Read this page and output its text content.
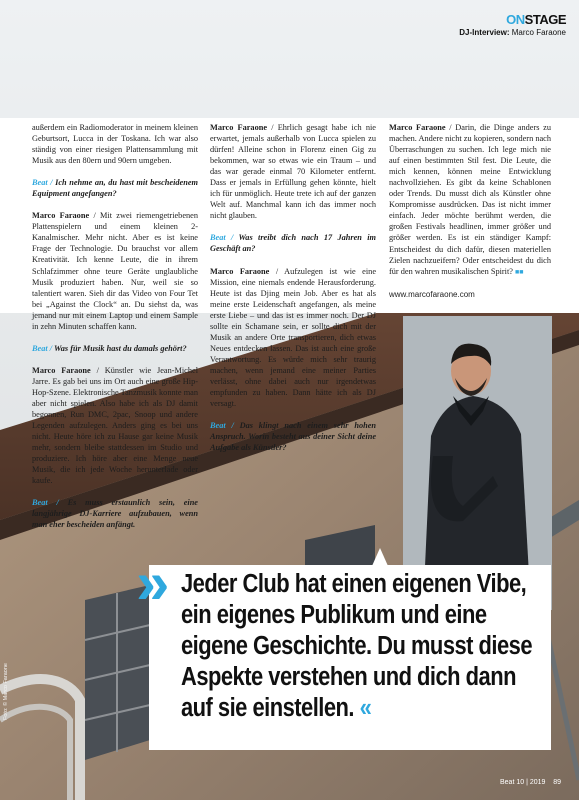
ONSTAGE
DJ-Interview: Marco Faraone

außerdem ein Radiomoderator in meinem kleinen Geburtsort, Lucca in der Toskana. Ich war also ständig von einer riesigen Plattensammlung mit Musik aus den 80ern und 90ern umgeben.

Beat / Ich nehme an, du hast mit bescheidenem Equipment angefangen?

Marco Faraone / Mit zwei riemengetriebenen Plattenspielern und einem kleinen 2-Kanalmischer. Mehr nicht. Aber es ist keine Frage der Technologie. Du brauchst vor allem Kreativität. Ich kenne Leute, die in ihrem Schlafzimmer ohne teure Geräte unglaubliche Musik produziert haben. Nur, weil sie so talentiert waren. Sieh dir das Video von Four Tet bei „Against the Clock“ an. Du siehst da, was jemand nur mit einem Laptop und einem Sample in zehn Minuten schaffen kann.

Beat / Was für Musik hast du damals gehört?

Marco Faraone / Künstler wie Jean-Michel Jarre. Es gab bei uns im Ort auch eine große Hip-Hop-Szene. Elektronische Tanzmusik konnte man aber nicht spielen. Also habe ich als DJ damit begonnen, Run DMC, 2pac, Snoop und andere Legenden aufzulegen. Anders ging es bei uns nicht. Heute höre ich zu Hause gar keine Musik mehr, sondern bleibe stattdessen im Studio und produziere. Ich höre aber eine Menge neue Musik, die ich jede Woche herunterlade oder kaufe.

Beat / Es muss erstaunlich sein, eine langjährige DJ-Karriere aufzubauen, wenn man eher bescheiden anfängt.

Marco Faraone / Ehrlich gesagt habe ich nie erwartet, jemals außerhalb von Lucca spielen zu dürfen! Alleine schon in Florenz einen Gig zu bekommen, war so etwas wie ein Traum – und das war gerade einmal 70 Kilometer entfernt. Dass er jemals in Erfüllung gehen könnte, hielt ich für unmöglich. Heute trete ich auf der ganzen Welt auf. Manchmal kann ich das immer noch nicht glauben.

Beat / Was treibt dich nach 17 Jahren im Geschäft an?

Marco Faraone / Aufzulegen ist wie eine Mission, eine niemals endende Herausforderung. Heute ist das Djing mein Job. Aber es hat als meine erste Leidenschaft angefangen, als meine erste Liebe – und das ist es immer noch. Der DJ sollte ein Schamane sein, er sollte dich mit der Musik an andere Orte transportieren, dich etwas Neues entdecken lassen. Das ist auch eine große Verantwortung. Es würde mich sehr traurig machen, wenn jemand eine meiner Parties verlässt, ohne dabei auch nur irgendetwas empfunden zu haben. Dann hätte ich als DJ versagt.

Beat / Das klingt nach einem sehr hohen Anspruch. Worin besteht aus deiner Sicht deine Aufgabe als Künstler?

Marco Faraone / Darin, die Dinge anders zu machen. Andere nicht zu kopieren, sondern nach Überraschungen zu suchen. Ich lege mich nie auf einen bestimmten Stil fest. Die Leute, die mich kennen, können meine Entwicklung nachvollziehen. Es gibt da keine Schablonen oder Trends. Du musst dich als Künstler ohne Kompromisse ausdrücken. Das ist nicht immer einfach. Jeder möchte berühmt werden, die großen Festivals headlinen, immer größer und größer werden. Es ist ein ständiger Kampf: Entscheidest du dich dafür, diesen materiellen Zielen nachzueifern? Oder entscheidest du dich für den wahren musikalischen Spirit? ■■

www.marcofaraone.com
» Jeder Club hat einen eigenen Vibe, ein eigenes Publikum und eine eigene Geschichte. Du musst diese Aspekte verstehen und dich dann auf sie einstellen. «
Foto: © Marco Faraone
Beat 10 | 2019 89
